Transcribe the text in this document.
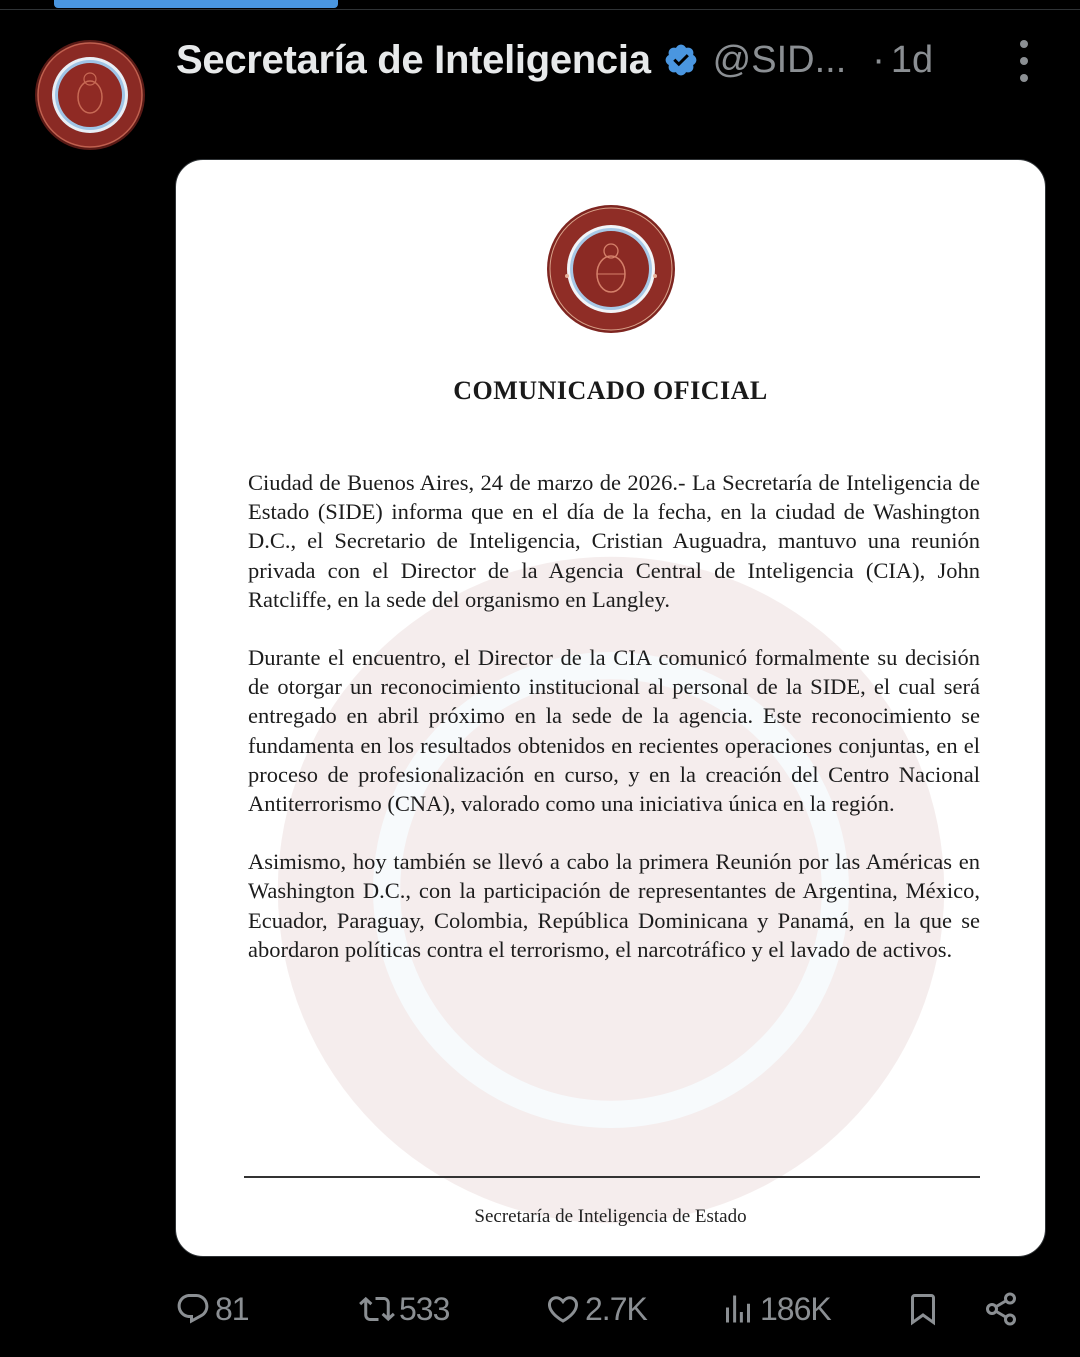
Secretaría de Inteligencia @SID... · 1d
COMUNICADO OFICIAL

Ciudad de Buenos Aires, 24 de marzo de 2026.- La Secretaría de Inteligencia de Estado (SIDE) informa que en el día de la fecha, en la ciudad de Washington D.C., el Secretario de Inteligencia, Cristian Auguadra, mantuvo una reunión privada con el Director de la Agencia Central de Inteligencia (CIA), John Ratcliffe, en la sede del organismo en Langley.

Durante el encuentro, el Director de la CIA comunicó formalmente su decisión de otorgar un reconocimiento institucional al personal de la SIDE, el cual será entregado en abril próximo en la sede de la agencia. Este reconocimiento se fundamenta en los resultados obtenidos en recientes operaciones conjuntas, en el proceso de profesionalización en curso, y en la creación del Centro Nacional Antiterrorismo (CNA), valorado como una iniciativa única en la región.

Asimismo, hoy también se llevó a cabo la primera Reunión por las Américas en Washington D.C., con la participación de representantes de Argentina, México, Ecuador, Paraguay, Colombia, República Dominicana y Panamá, en la que se abordaron políticas contra el terrorismo, el narcotráfico y el lavado de activos.

Secretaría de Inteligencia de Estado
81	533	2.7K	186K
